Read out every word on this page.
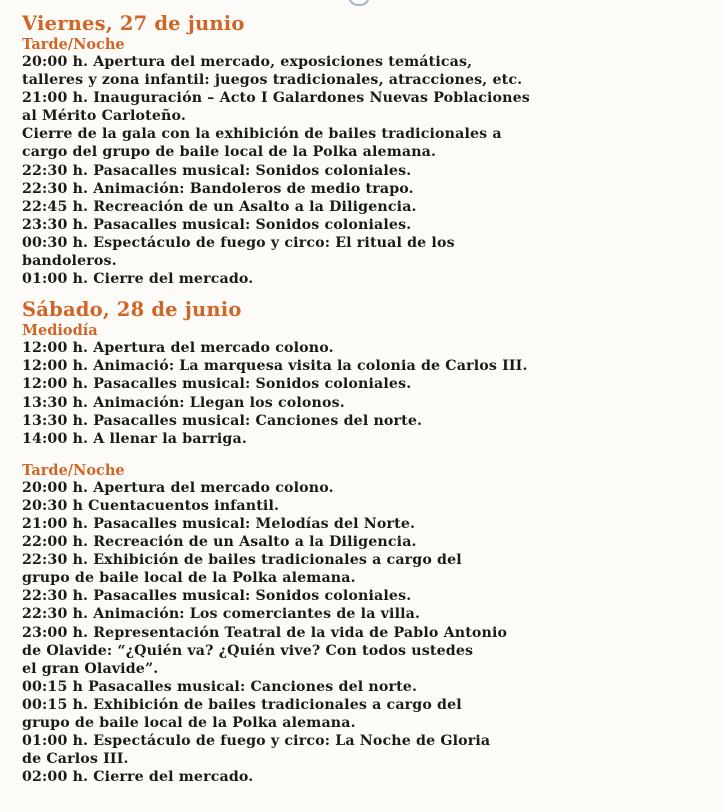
Viernes, 27 de junio
Tarde/Noche

20:00 h. Apertura del mercado, exposiciones temáticas,

talleres y zona infantil: juegos tradicionales, atracciones, etc.

21:00 h. Inauguración – Acto I Galardones Nuevas Poblaciones

al Mérito Carloteño.

Cierre de la gala con la exhibición de bailes tradicionales a

cargo del grupo de baile local de la Polka alemana.

22:30 h. Pasacalles musical: Sonidos coloniales.

22:30 h. Animación: Bandoleros de medio trapo.

22:45 h. Recreación de un Asalto a la Diligencia.

23:30 h. Pasacalles musical: Sonidos coloniales.

00:30 h. Espectáculo de fuego y circo: El ritual de los

bandoleros.

01:00 h. Cierre del mercado.

Sábado, 28 de junio
Mediodía

12:00 h. Apertura del mercado colono.

12:00 h. Animació: La marquesa visita la colonia de Carlos III.

12:00 h. Pasacalles musical: Sonidos coloniales.

13:30 h. Animación: Llegan los colonos.

13:30 h. Pasacalles musical: Canciones del norte.

14:00 h. A llenar la barriga.

Tarde/Noche

20:00 h. Apertura del mercado colono.

20:30 h Cuentacuentos infantil.

21:00 h. Pasacalles musical: Melodías del Norte.

22:00 h. Recreación de un Asalto a la Diligencia.

22:30 h. Exhibición de bailes tradicionales a cargo del

grupo de baile local de la Polka alemana.

22:30 h. Pasacalles musical: Sonidos coloniales.

22:30 h. Animación: Los comerciantes de la villa.

23:00 h. Representación Teatral de la vida de Pablo Antonio

de Olavide: “¿Quién va? ¿Quién vive? Con todos ustedes

el gran Olavide”.

00:15 h Pasacalles musical: Canciones del norte.

00:15 h. Exhibición de bailes tradicionales a cargo del

grupo de baile local de la Polka alemana.

01:00 h. Espectáculo de fuego y circo: La Noche de Gloria

de Carlos III.

02:00 h. Cierre del mercado.
